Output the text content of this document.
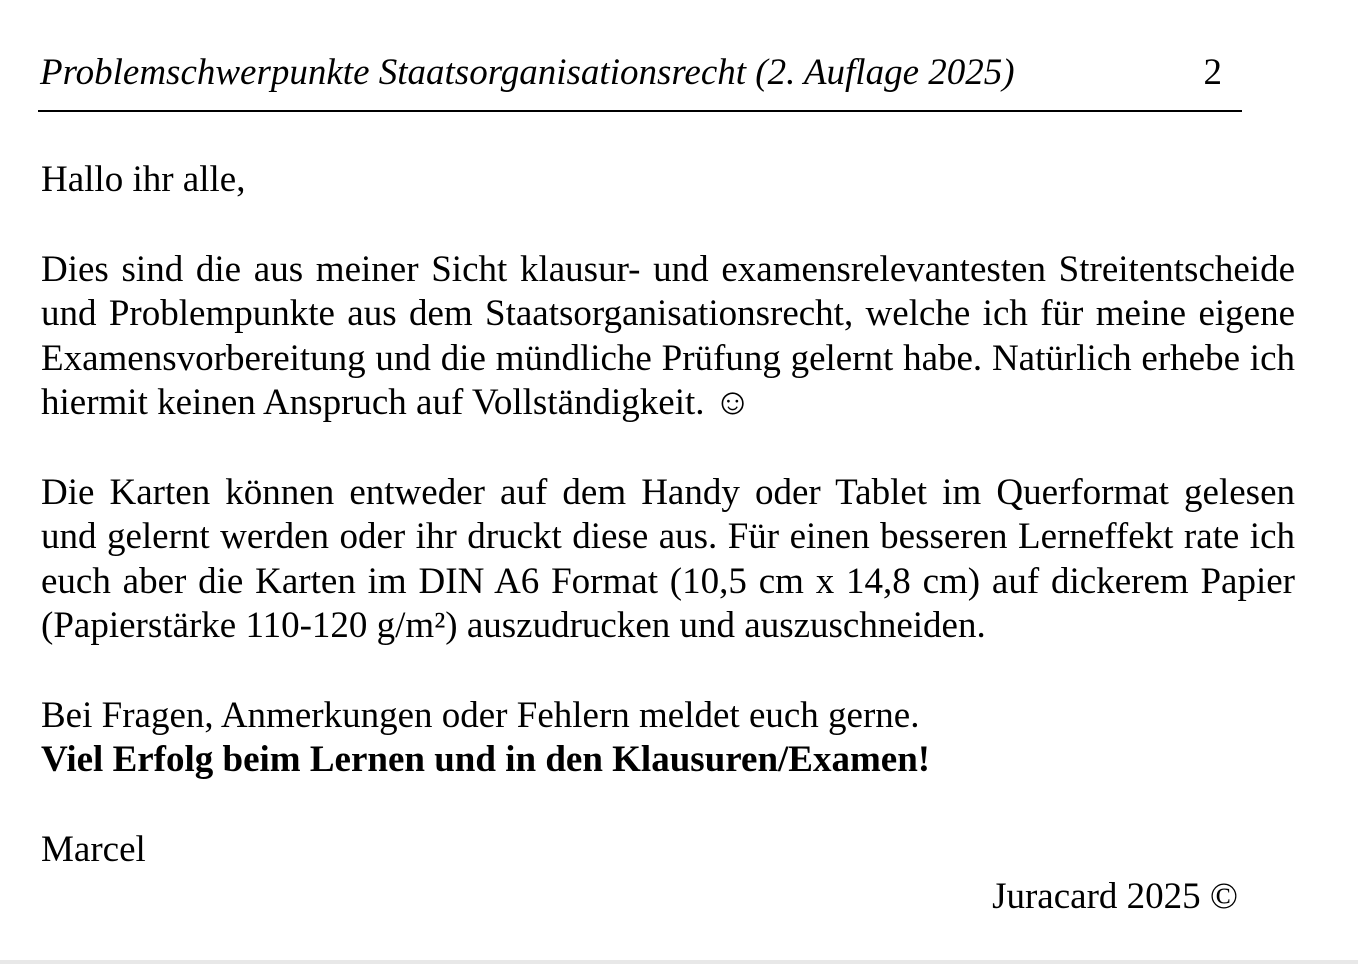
Problemschwerpunkte Staatsorganisationsrecht (2. Auflage 2025)	2

Hallo ihr alle,

Dies sind die aus meiner Sicht klausur- und examensrelevantesten Streitentscheide und Problempunkte aus dem Staatsorganisationsrecht, welche ich für meine eigene Examensvorbereitung und die mündliche Prüfung gelernt habe. Natürlich erhebe ich hiermit keinen Anspruch auf Vollständigkeit. ☺

Die Karten können entweder auf dem Handy oder Tablet im Querformat gelesen und gelernt werden oder ihr druckt diese aus. Für einen besseren Lerneffekt rate ich euch aber die Karten im DIN A6 Format (10,5 cm x 14,8 cm) auf dickerem Papier (Papierstärke 110-120 g/m²) auszudrucken und auszuschneiden.

Bei Fragen, Anmerkungen oder Fehlern meldet euch gerne.

Viel Erfolg beim Lernen und in den Klausuren/Examen!

Marcel

Juracard 2025 ©
